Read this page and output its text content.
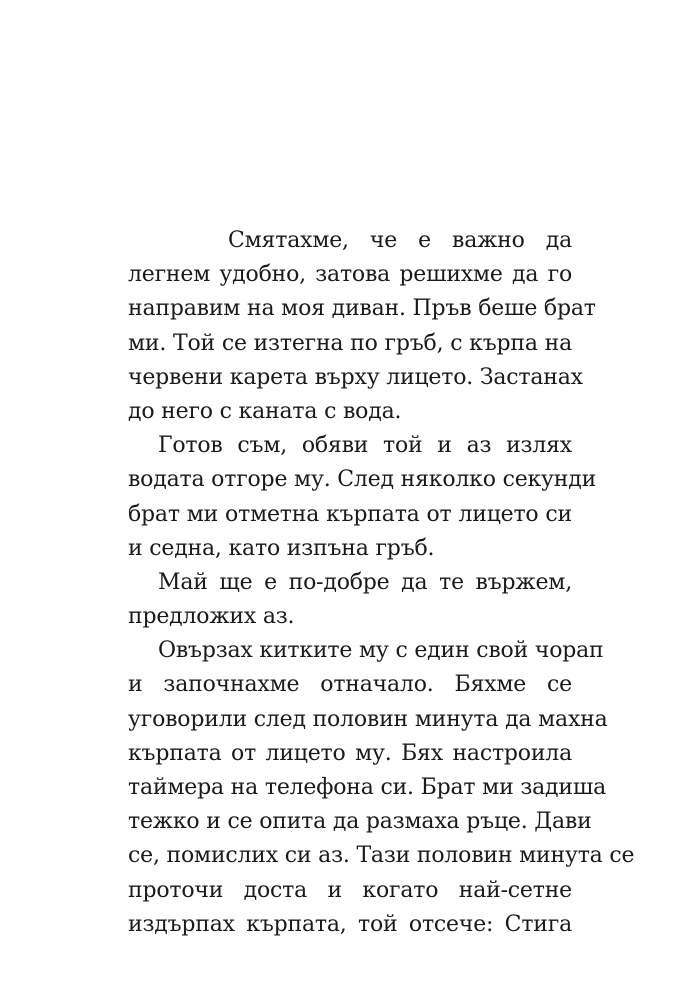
Смятахме, че е важно да
легнем удобно, затова решихме да го
направим на моя диван. Пръв беше брат
ми. Той се изтегна по гръб, с кърпа на
червени карета върху лицето. Застанах
до него с каната с вода.
Готов съм, обяви той и аз излях
водата отгоре му. След няколко секунди
брат ми отметна кърпата от лицето си
и седна, като изпъна гръб.
Май ще е по-добре да те вържем,
предложих аз.
Овързах китките му с един свой чорап
и започнахме отначало. Бяхме се
уговорили след половин минута да махна
кърпата от лицето му. Бях настроила
таймера на телефона си. Брат ми задиша
тежко и се опита да размаха ръце. Дави
се, помислих си аз. Тази половин минута се
проточи доста и когато най-сетне
издърпах кърпата, той отсече: Стига
